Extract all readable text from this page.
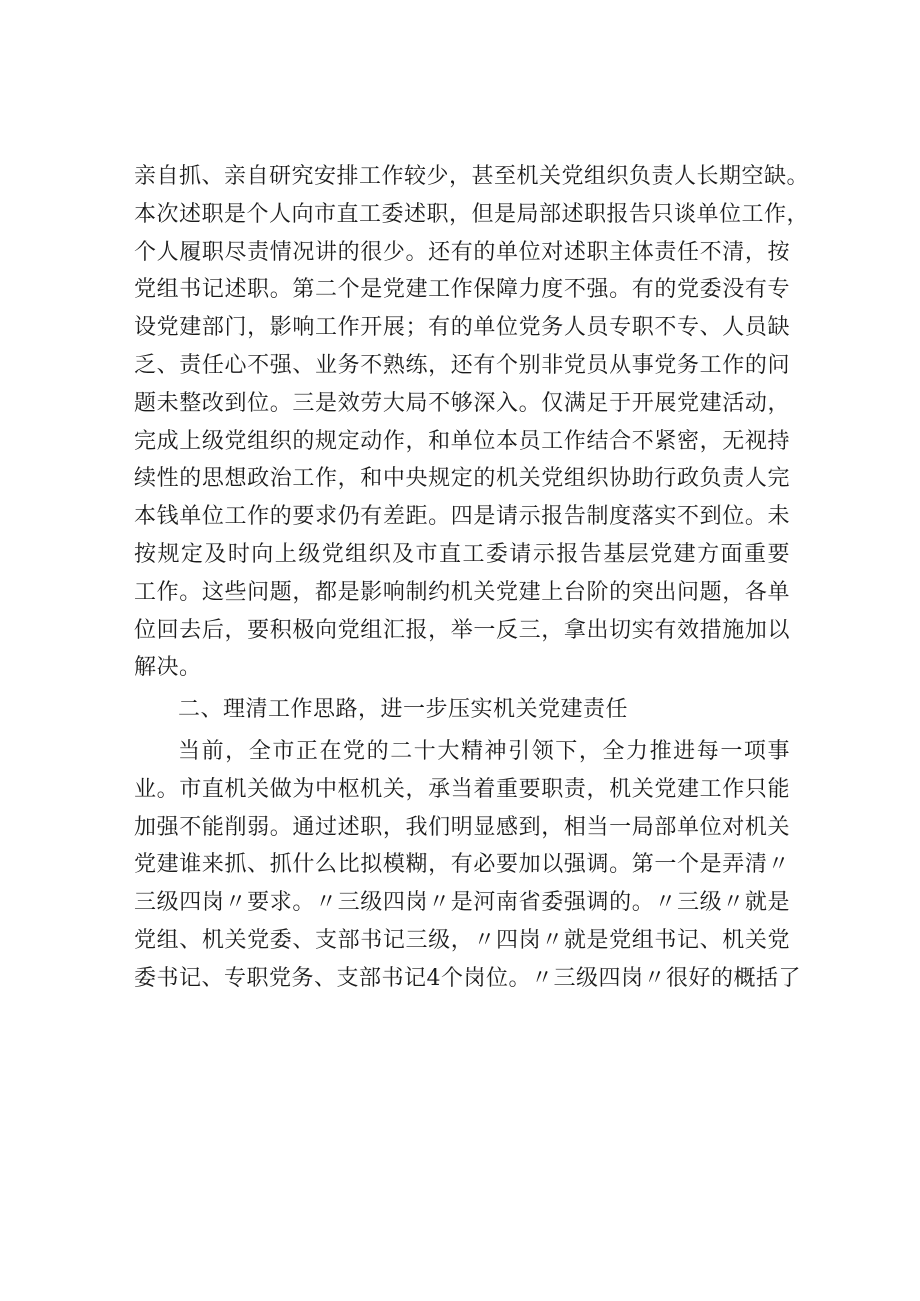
亲自抓、亲自研究安排工作较少，甚至机关党组织负责人长期空缺。
本次述职是个人向市直工委述职，但是局部述职报告只谈单位工作，
个人履职尽责情况讲的很少。还有的单位对述职主体责任不清，按
党组书记述职。第二个是党建工作保障力度不强。有的党委没有专
设党建部门，影响工作开展；有的单位党务人员专职不专、人员缺
乏、责任心不强、业务不熟练，还有个别非党员从事党务工作的问
题未整改到位。三是效劳大局不够深入。仅满足于开展党建活动，
完成上级党组织的规定动作，和单位本员工作结合不紧密，无视持
续性的思想政治工作，和中央规定的机关党组织协助行政负责人完
本钱单位工作的要求仍有差距。四是请示报告制度落实不到位。未
按规定及时向上级党组织及市直工委请示报告基层党建方面重要
工作。这些问题，都是影响制约机关党建上台阶的突出问题，各单
位回去后，要积极向党组汇报，举一反三，拿出切实有效措施加以
解决。
二、理清工作思路，进一步压实机关党建责任
当前，全市正在党的二十大精神引领下，全力推进每一项事
业。市直机关做为中枢机关，承当着重要职责，机关党建工作只能
加强不能削弱。通过述职，我们明显感到，相当一局部单位对机关
党建谁来抓、抓什么比拟模糊，有必要加以强调。第一个是弄清〃
三级四岗〃要求。〃三级四岗〃是河南省委强调的。〃三级〃就是
党组、机关党委、支部书记三级，〃四岗〃就是党组书记、机关党
委书记、专职党务、支部书记4个岗位。〃三级四岗〃很好的概括了
